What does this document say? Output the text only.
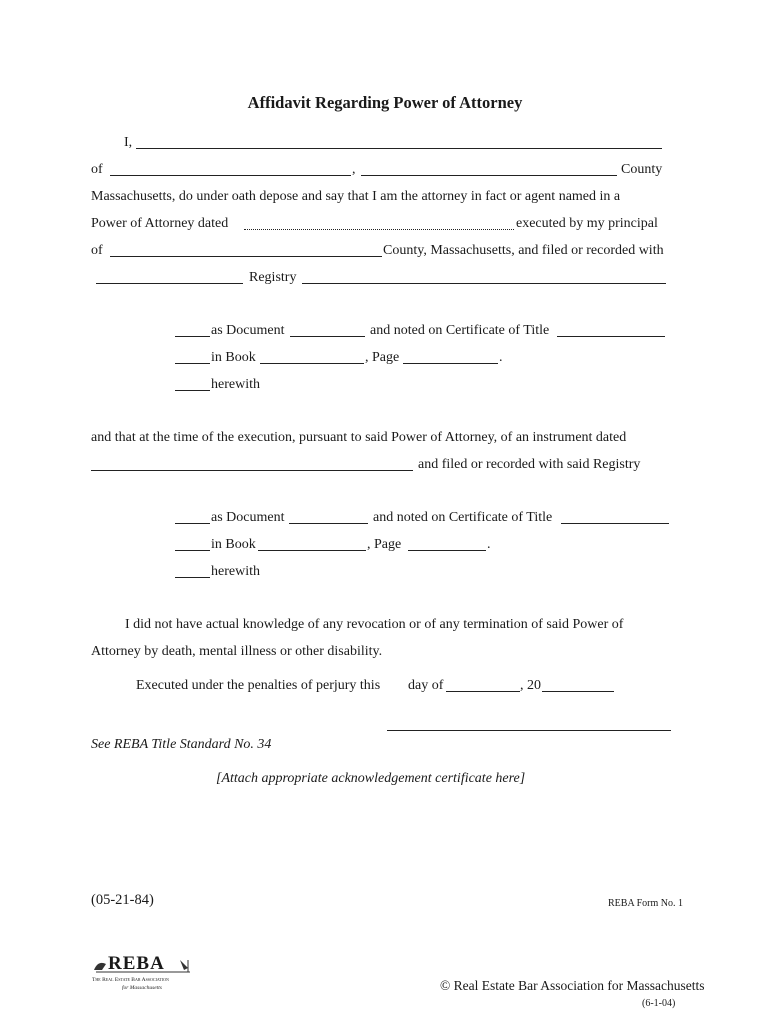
Affidavit Regarding Power of Attorney
I,
of	,	County
Massachusetts, do under oath depose and say that I am the attorney in fact or agent named in a
Power of Attorney dated	executed by my principal
of	County, Massachusetts, and filed or recorded with
Registry
as Document	and noted on Certificate of Title
in Book	, Page	.
herewith
and that at the time of the execution, pursuant to said Power of Attorney, of an instrument dated
and filed or recorded with said Registry
as Document	and noted on Certificate of Title
in Book	, Page	.
herewith
I did not have actual knowledge of any revocation or of any termination of said Power of
Attorney by death, mental illness or other disability.
Executed under the penalties of perjury this day of	, 20
See REBA Title Standard No. 34
[Attach appropriate acknowledgement certificate here]
(05-21-84)	REBA Form No. 1
REBA
The Real Estate Bar Association
for Massachusetts	© Real Estate Bar Association for Massachusetts
(6-1-04)
